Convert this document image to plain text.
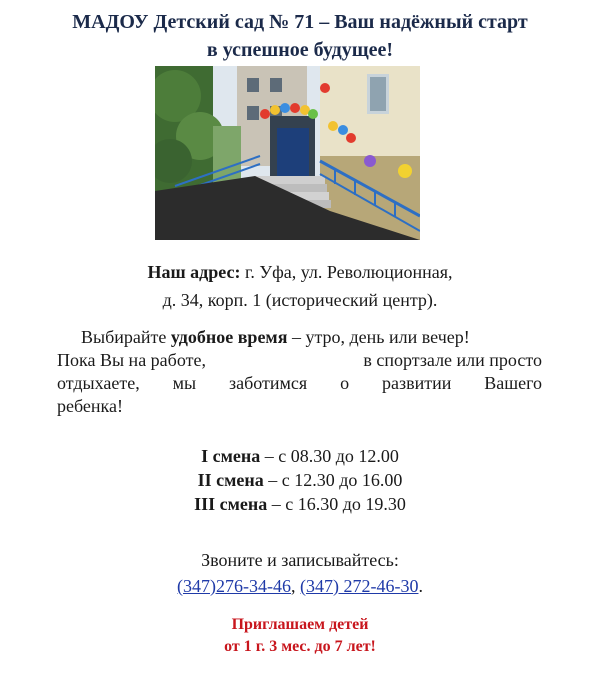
МАДОУ Детский сад № 71 – Ваш надёжный старт
в успешное будущее!
Наш адрес: г. Уфа, ул. Революционная,
д. 34, корп. 1 (исторический центр).
Выбирайте удобное время – утро, день или вечер!
Пока Вы на работе,	в спортзале или просто
отдыхаете, мы заботимся о развитии Вашего
ребенка!
I смена – с 08.30 до 12.00
II смена – с 12.30 до 16.00
III смена – с 16.30 до 19.30
Звоните и записывайтесь:
(347)276-34-46, (347) 272-46-30.
Приглашаем детей
от 1 г. 3 мес. до 7 лет!
